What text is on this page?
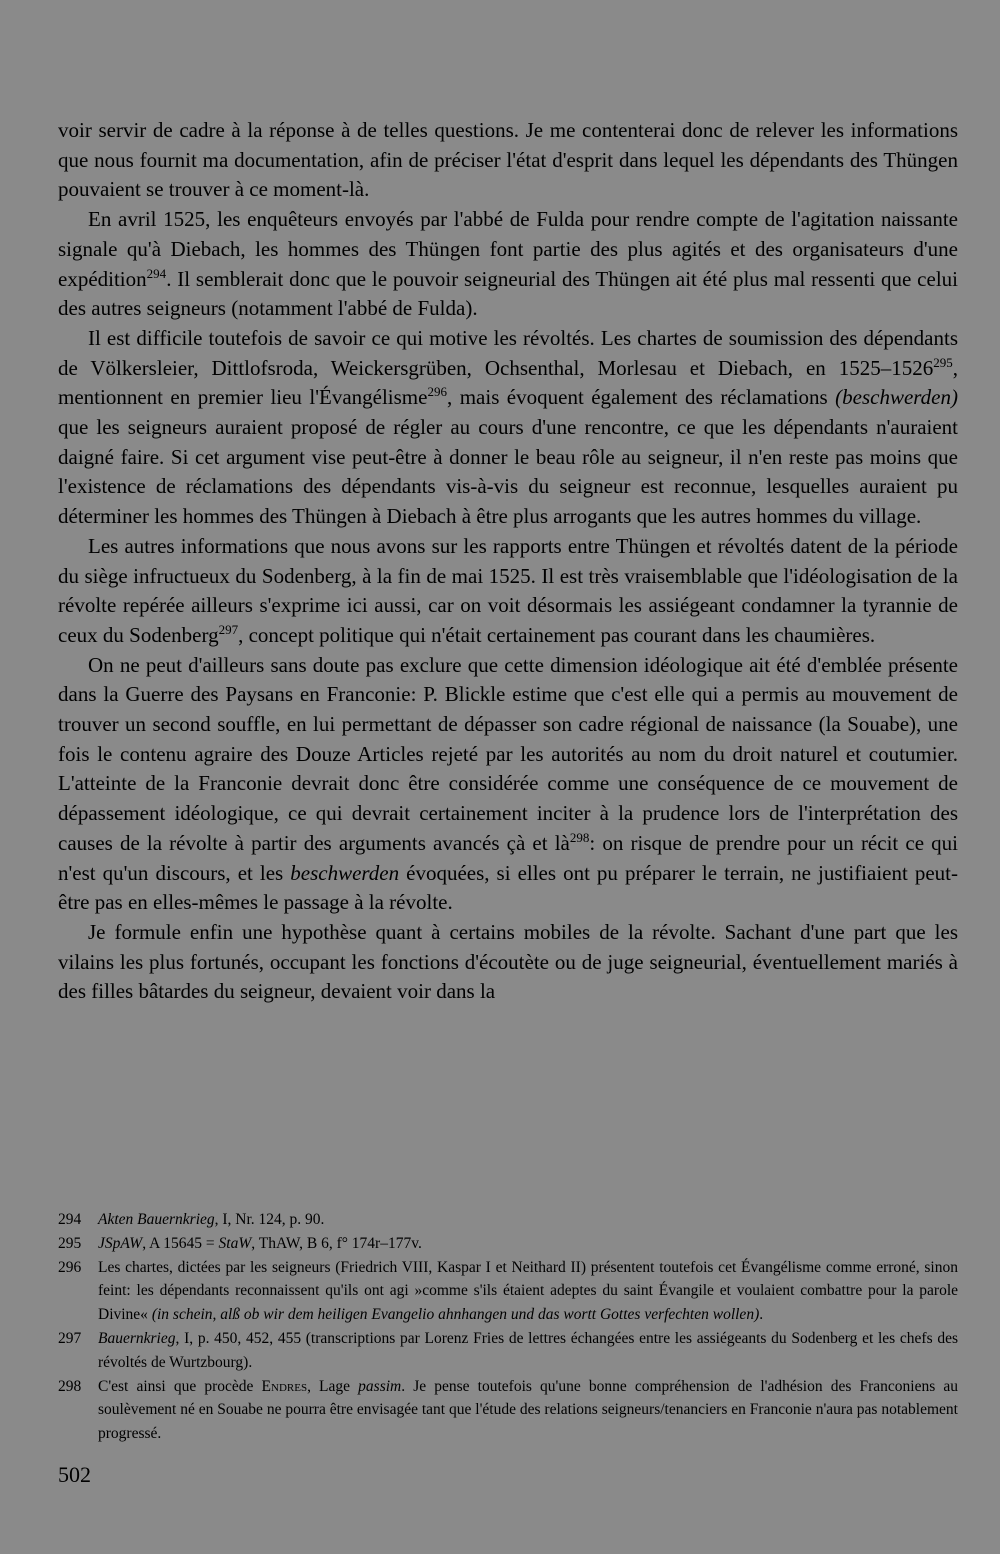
voir servir de cadre à la réponse à de telles questions. Je me contenterai donc de relever les informations que nous fournit ma documentation, afin de préciser l'état d'esprit dans lequel les dépendants des Thüngen pouvaient se trouver à ce moment-là.

En avril 1525, les enquêteurs envoyés par l'abbé de Fulda pour rendre compte de l'agitation naissante signale qu'à Diebach, les hommes des Thüngen font partie des plus agités et des organisateurs d'une expédition$^{294}$. Il semblerait donc que le pouvoir seigneurial des Thüngen ait été plus mal ressenti que celui des autres seigneurs (notamment l'abbé de Fulda).

Il est difficile toutefois de savoir ce qui motive les révoltés. Les chartes de soumission des dépendants de Völkersleier, Dittlofsroda, Weickersgrüben, Ochsenthal, Morlesau et Diebach, en 1525–1526$^{295}$, mentionnent en premier lieu l'Évangélisme$^{296}$, mais évoquent également des réclamations (beschwerden) que les seigneurs auraient proposé de régler au cours d'une rencontre, ce que les dépendants n'auraient daigné faire. Si cet argument vise peut-être à donner le beau rôle au seigneur, il n'en reste pas moins que l'existence de réclamations des dépendants vis-à-vis du seigneur est reconnue, lesquelles auraient pu déterminer les hommes des Thüngen à Diebach à être plus arrogants que les autres hommes du village.

Les autres informations que nous avons sur les rapports entre Thüngen et révoltés datent de la période du siège infructueux du Sodenberg, à la fin de mai 1525. Il est très vraisemblable que l'idéologisation de la révolte repérée ailleurs s'exprime ici aussi, car on voit désormais les assiégeant condamner la tyrannie de ceux du Sodenberg$^{297}$, concept politique qui n'était certainement pas courant dans les chaumières.

On ne peut d'ailleurs sans doute pas exclure que cette dimension idéologique ait été d'emblée présente dans la Guerre des Paysans en Franconie: P. Blickle estime que c'est elle qui a permis au mouvement de trouver un second souffle, en lui permettant de dépasser son cadre régional de naissance (la Souabe), une fois le contenu agraire des Douze Articles rejeté par les autorités au nom du droit naturel et coutumier. L'atteinte de la Franconie devrait donc être considérée comme une conséquence de ce mouvement de dépassement idéologique, ce qui devrait certainement inciter à la prudence lors de l'interprétation des causes de la révolte à partir des arguments avancés çà et $là^{298}$: on risque de prendre pour un récit ce qui n'est qu'un discours, et les beschwerden évoquées, si elles ont pu préparer le terrain, ne justifiaient peut-être pas en elles-mêmes le passage à la révolte.

Je formule enfin une hypothèse quant à certains mobiles de la révolte. Sachant d'une part que les vilains les plus fortunés, occupant les fonctions d'écoutète ou de juge seigneurial, éventuellement mariés à des filles bâtardes du seigneur, devaient voir dans la

294	Akten Bauernkrieg, I, Nr. 124, p. 90.
295	JSpAW, A 15645 = StaW, ThAW, B 6, f° 174r–177v.
296	Les chartes, dictées par les seigneurs (Friedrich VIII, Kaspar I et Neithard II) présentent toutefois cet Évangélisme comme erroné, sinon feint: les dépendants reconnaissent qu'ils ont agi »comme s'ils étaient adeptes du saint Évangile et voulaient combattre pour la parole Divine« (in schein, alß ob wir dem heiligen Evangelio ahnhangen und das wortt Gottes verfechten wollen).
297	Bauernkrieg, I, p. 450, 452, 455 (transcriptions par Lorenz Fries de lettres échangées entre les assiégeants du Sodenberg et les chefs des révoltés de Wurtzbourg).
298	C'est ainsi que procède Endres, Lage passim. Je pense toutefois qu'une bonne compréhension de l'adhésion des Franconiens au soulèvement né en Souabe ne pourra être envisagée tant que l'étude des relations seigneurs/tenanciers en Franconie n'aura pas notablement progressé.
502
